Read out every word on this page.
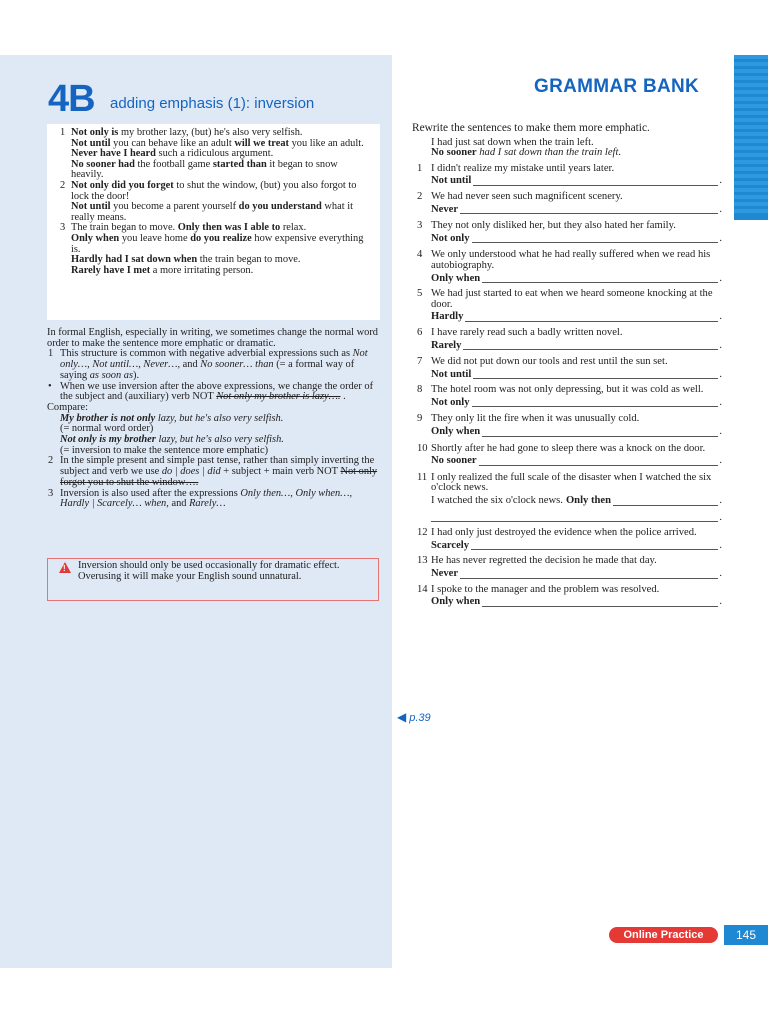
4B adding emphasis (1): inversion
1 Not only is my brother lazy, (but) he's also very selfish.
Not until you can behave like an adult will we treat you like an adult.
Never have I heard such a ridiculous argument.
No sooner had the football game started than it began to snow heavily.
2 Not only did you forget to shut the window, (but) you also forgot to lock the door!
Not until you become a parent yourself do you understand what it really means.
3 The train began to move. Only then was I able to relax.
Only when you leave home do you realize how expensive everything is.
Hardly had I sat down when the train began to move.
Rarely have I met a more irritating person.

In formal English, especially in writing, we sometimes change the normal word order to make the sentence more emphatic or dramatic.

1 This structure is common with negative adverbial expressions such as Not only…, Not until…, Never…, and No sooner… than (= a formal way of saying as soon as).
• When we use inversion after the above expressions, we change the order of the subject and (auxiliary) verb NOT Not only my brother is lazy…. .

Compare:

My brother is not only lazy, but he's also very selfish.
(= normal word order)
Not only is my brother lazy, but he's also very selfish.
(= inversion to make the sentence more emphatic)
2 In the simple present and simple past tense, rather than simply inverting the subject and verb we use do | does | did + subject + main verb NOT Not only forgot you to shut the window….
3 Inversion is also used after the expressions Only then…, Only when…, Hardly | Scarcely… when, and Rarely…
! Inversion should only be used occasionally for dramatic effect. Overusing it will make your English sound unnatural.
GRAMMAR BANK
Rewrite the sentences to make them more emphatic.
I had just sat down when the train left.
No sooner had I sat down than the train left.
1 I didn't realize my mistake until years later.
Not until	.
2 We had never seen such magnificent scenery.
Never	.
3 They not only disliked her, but they also hated her family.
Not only	.
4 We only understood what he had really suffered when we read his autobiography.
Only when	.
5 We had just started to eat when we heard someone knocking at the door.
Hardly	.
6 I have rarely read such a badly written novel.
Rarely	.
7 We did not put down our tools and rest until the sun set.
Not until	.
8 The hotel room was not only depressing, but it was cold as well.
Not only	.
9 They only lit the fire when it was unusually cold.
Only when	.
10 Shortly after he had gone to sleep there was a knock on the door.
No sooner	.
11 I only realized the full scale of the disaster when I watched the six o'clock news.
I watched the six o'clock news. Only then	.
.
12 I had only just destroyed the evidence when the police arrived.
Scarcely	.
13 He has never regretted the decision he made that day.
Never	.
14 I spoke to the manager and the problem was resolved.
Only when	.
◀ p.39
Online Practice	145
